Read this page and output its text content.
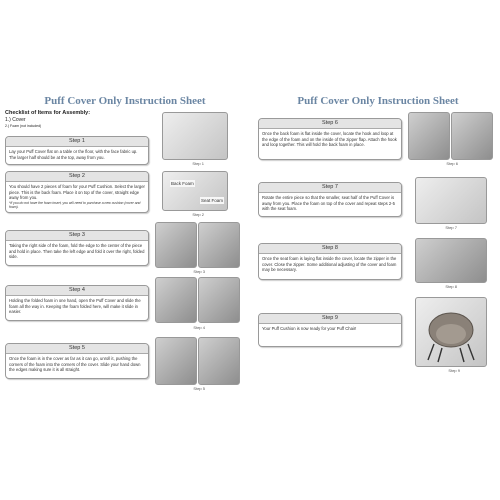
Puff Cover Only Instruction Sheet
Checklist of Items for Assembly:
1.) Cover
2.) Foam (not included)
Step 1
Lay your Puff Cover flat on a table or the floor, with the face fabric up. The larger half should be at the top, away from you.
Step 1
Step 2
You should have 2 pieces of foam for your Puff Cushion. Select the larger piece. This is the back foam. Place it on top of the cover, straight edge away from you.
*If you do not have the foam insert, you will need to purchase a new cushion (cover and foam).
Back Foam
Seat Foam
Step 2
Step 3
Taking the right side of the foam, fold the edge to the center of the piece and hold in place. Then take the left edge and fold it over the right, folded side.
Step 3
Step 4
Holding the folded foam in one hand, open the Puff Cover and slide the foam all the way in. Keeping the foam folded here, will make it slide in easier.
Step 4
Step 5
Once the foam is in the cover as far as it can go, unroll it, pushing the corners of the foam into the corners of the cover. Slide your hand down the edges making sure it is all straight.
Step 5
Puff Cover Only Instruction Sheet
Step 6
Once the back foam is flat inside the cover, locate the hook and loop at the edge of the foam and on the inside of the zipper flap. Attach the hook and loop together. This will hold the back foam in place.
Step 6
Step 7
Rotate the entire piece so that the smaller, seat half of the Puff Cover is away from you. Place the foam on top of the cover and repeat steps 2-5 with the seat foam.
Step 7
Step 8
Once the seat foam is laying flat inside the cover, locate the zipper in the cover. Close the zipper. Some additional adjusting of the cover and foam may be necessary.
Step 8
Step 9
Your Puff Cushion is now ready for your Puff Chair!
Step 9
